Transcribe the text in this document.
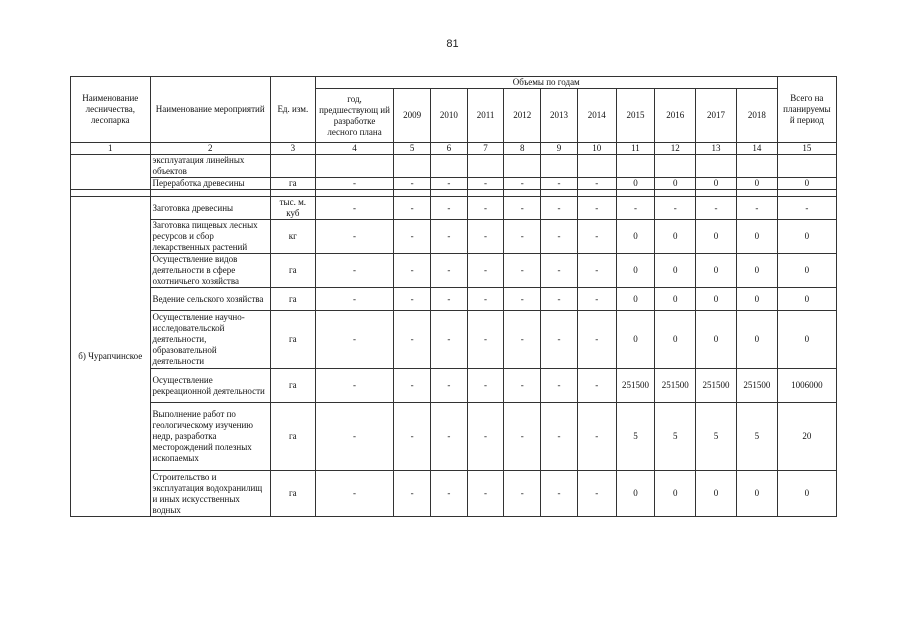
81
Наименование лесничества, лесопарка	Наименование мероприятий	Ед. изм.	Объемы по годам											Всего на планируемы й период
			год, предшествующ ий разработке лесного плана	2009	2010	2011	2012	2013	2014	2015	2016	2017	2018	
1	2	3	4	5	6	7	8	9	10	11	12	13	14	15
	эксплуатация линейных объектов													
	Переработка древесины	га	-	-	-	-	-	-	-	0	0	0	0	0

б) Чурапчинское	Заготовка древесины	тыс. м. куб	-	-	-	-	-	-	-	-	-	-	-	-
	Заготовка пищевых лесных ресурсов и сбор лекарственных растений	кг	-	-	-	-	-	-	-	0	0	0	0	0
	Осуществление видов деятельности в сфере охотничьего хозяйства	га	-	-	-	-	-	-	-	0	0	0	0	0
	Ведение сельского хозяйства	га	-	-	-	-	-	-	-	0	0	0	0	0
	Осуществление научно-исследовательской деятельности, образовательной деятельности	га	-	-	-	-	-	-	-	0	0	0	0	0
	Осуществление рекреационной деятельности	га	-	-	-	-	-	-	-	251500	251500	251500	251500	1006000
	Выполнение работ по геологическому изучению недр, разработка месторождений полезных ископаемых	га	-	-	-	-	-	-	-	5	5	5	5	20
	Строительство и эксплуатация водохранилищ и иных искусственных водных	га	-	-	-	-	-	-	-	0	0	0	0	0
